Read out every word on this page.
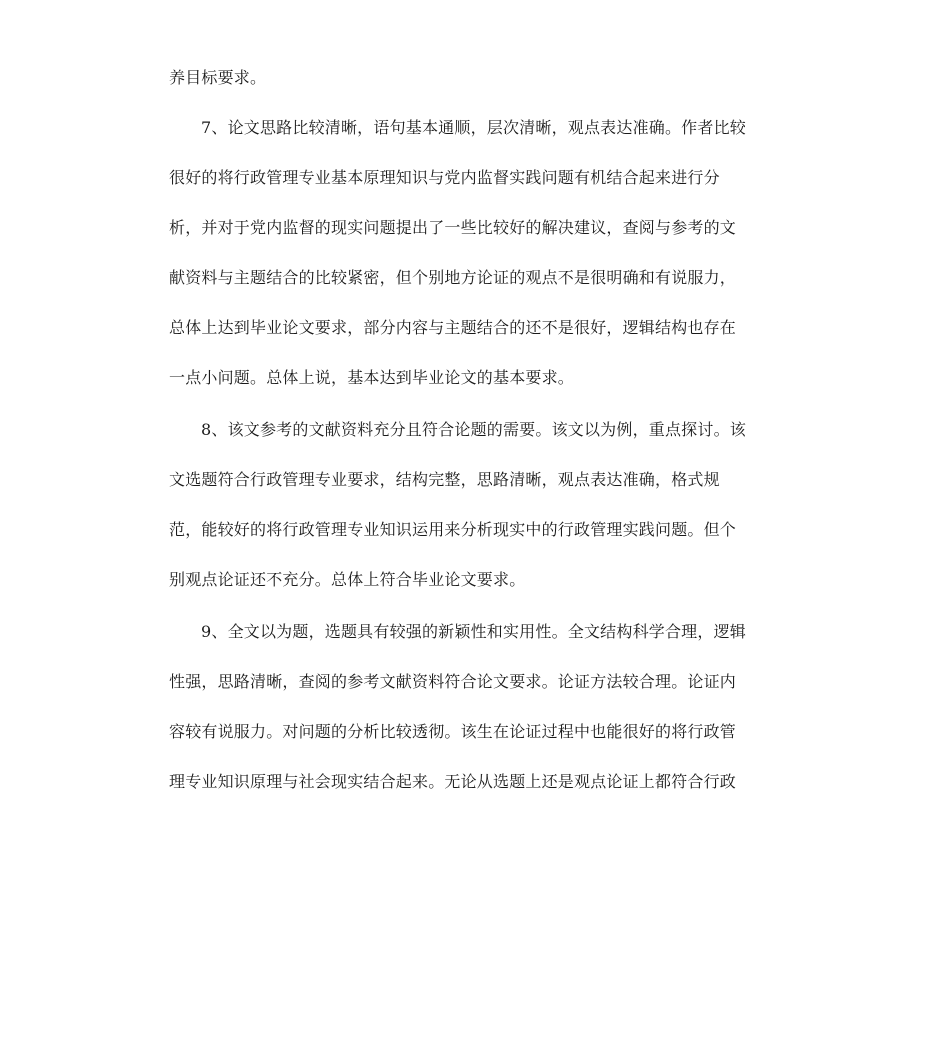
养目标要求。
7、论文思路比较清晰，语句基本通顺，层次清晰，观点表达准确。作者比较
很好的将行政管理专业基本原理知识与党内监督实践问题有机结合起来进行分
析，并对于党内监督的现实问题提出了一些比较好的解决建议，查阅与参考的文
献资料与主题结合的比较紧密，但个别地方论证的观点不是很明确和有说服力，
总体上达到毕业论文要求，部分内容与主题结合的还不是很好，逻辑结构也存在
一点小问题。总体上说，基本达到毕业论文的基本要求。
8、该文参考的文献资料充分且符合论题的需要。该文以为例，重点探讨。该
文选题符合行政管理专业要求，结构完整，思路清晰，观点表达准确，格式规
范，能较好的将行政管理专业知识运用来分析现实中的行政管理实践问题。但个
别观点论证还不充分。总体上符合毕业论文要求。
9、全文以为题，选题具有较强的新颖性和实用性。全文结构科学合理，逻辑
性强，思路清晰，查阅的参考文献资料符合论文要求。论证方法较合理。论证内
容较有说服力。对问题的分析比较透彻。该生在论证过程中也能很好的将行政管
理专业知识原理与社会现实结合起来。无论从选题上还是观点论证上都符合行政
